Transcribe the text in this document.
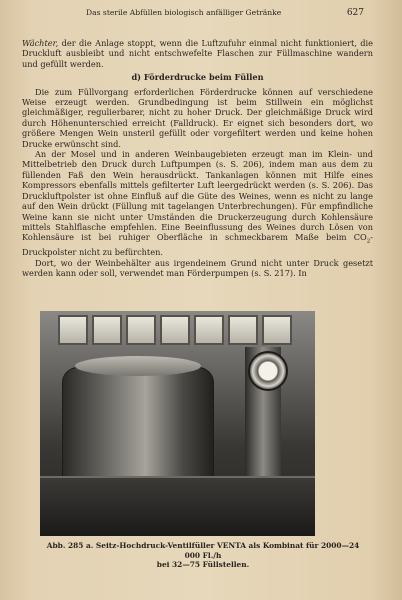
Das sterile Abfüllen biologisch anfälliger Getränke	627

Wächter, der die Anlage stoppt, wenn die Luftzufuhr einmal nicht funktioniert, die Druckluft ausbleibt und nicht entschwefelte Flaschen zur Füllmaschine wandern und gefüllt werden.

d) Förderdrucke beim Füllen

Die zum Füllvorgang erforderlichen Förderdrucke können auf verschiedene Weise erzeugt werden. Grundbedingung ist beim Stillwein ein möglichst gleichmäßiger, regulierbarer, nicht zu hoher Druck. Der gleichmäßige Druck wird durch Höhenunterschied erreicht (Falldruck). Er eignet sich besonders dort, wo größere Mengen Wein unsteril gefüllt oder vorgefiltert werden und keine hohen Drucke erwünscht sind.

An der Mosel und in anderen Weinbaugebieten erzeugt man im Klein- und Mittelbetrieb den Druck durch Luftpumpen (s. S. 206), indem man aus dem zu füllenden Faß den Wein herausdrückt. Tankanlagen können mit Hilfe eines Kompressors ebenfalls mittels gefilterter Luft leergedrückt werden (s. S. 206). Das Druckluftpolster ist ohne Einfluß auf die Güte des Weines, wenn es nicht zu lange auf den Wein drückt (Füllung mit tagelangen Unterbrechungen). Für empfindliche Weine kann sie nicht unter Umständen die Druckerzeugung durch Kohlensäure mittels Stahlflasche empfehlen. Eine Beeinflussung des Weines durch Lösen von Kohlensäure ist bei ruhiger Oberfläche in schmeckbarem Maße beim $CO_2$-Druckpolster nicht zu befürchten.

Dort, wo der Weinbehälter aus irgendeinem Grund nicht unter Druck gesetzt werden kann oder soll, verwendet man Förderpumpen (s. S. 217). In

Abb. 285 a. Seitz-Hochdruck-Ventilfüller VENTA als Kombinat für 2000—24 000 Fl./h
bei 32—75 Füllstellen.
